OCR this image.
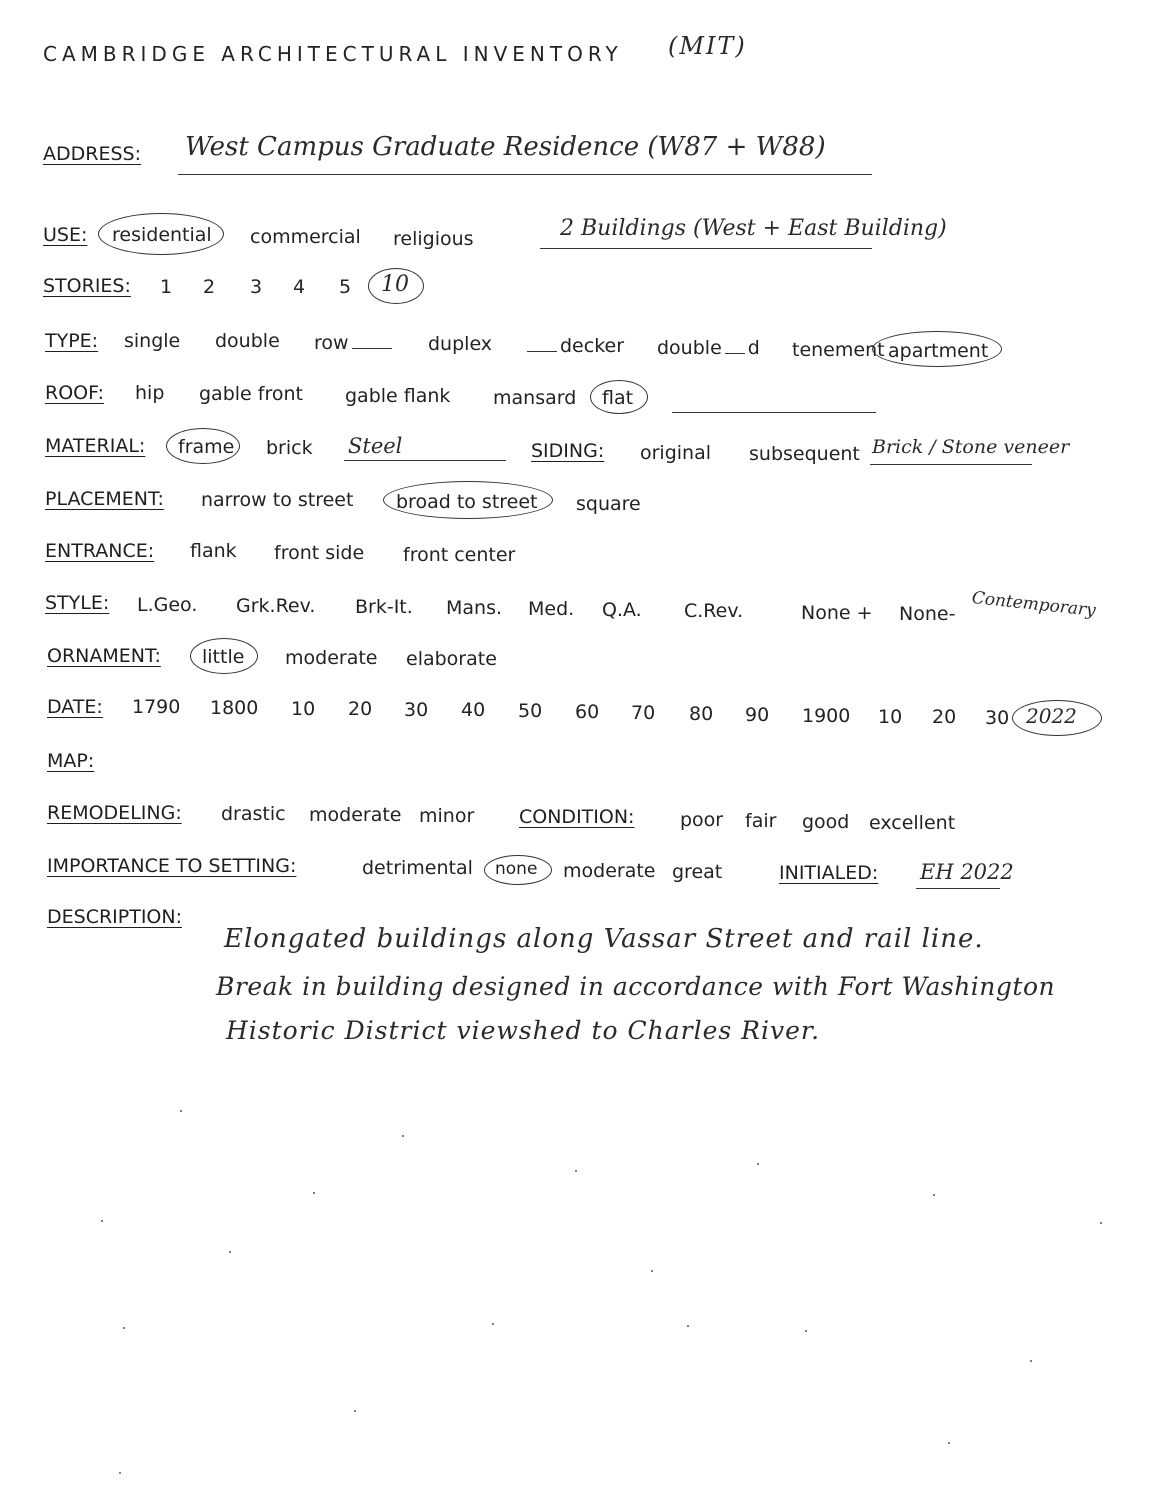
CAMBRIDGE ARCHITECTURAL INVENTORY (MIT)
ADDRESS: West Campus Graduate Residence (W87 + W88)
USE: residential commercial religious	2 Buildings (West + East Building)
STORIES: 1 2 3 4 5 10
TYPE: single double row	duplex	decker double d tenement apartment
ROOF: hip gable front gable flank mansard flat
MATERIAL: frame brick Steel	SIDING: original subsequent Brick / Stone veneer
PLACEMENT: narrow to street broad to street square
ENTRANCE: flank front side front center
STYLE: L.Geo. Grk.Rev. Brk-It. Mans. Med. Q.A. C.Rev.	None + None- Contemporary
ORNAMENT: little moderate elaborate
DATE: 1790 1800 10 20 30 40 50 60 70 80 90 1900 10 20 30 2022
MAP:
REMODELING: drastic moderate minor CONDITION: poor fair good excellent
IMPORTANCE TO SETTING:	detrimental none moderate great	INITIALED: EH 2022
DESCRIPTION:
Elongated buildings along Vassar Street and rail line.
Break in building designed in accordance with Fort Washington
Historic District viewshed to Charles River.
